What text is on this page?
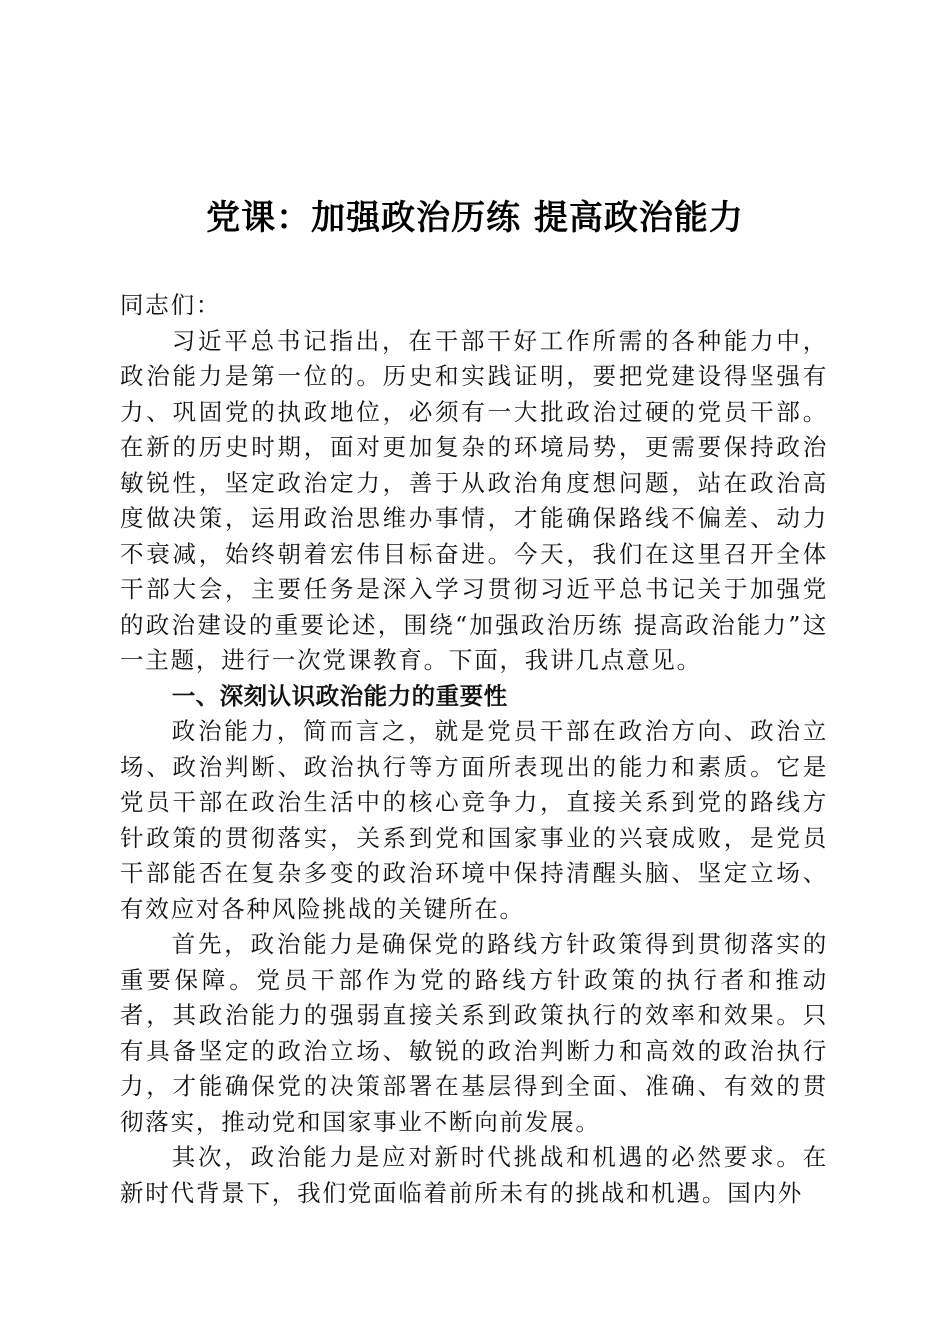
党课：加强政治历练 提高政治能力

同志们：

习近平总书记指出，在干部干好工作所需的各种能力中，政治能力是第一位的。历史和实践证明，要把党建设得坚强有力、巩固党的执政地位，必须有一大批政治过硬的党员干部。在新的历史时期，面对更加复杂的环境局势，更需要保持政治敏锐性，坚定政治定力，善于从政治角度想问题，站在政治高度做决策，运用政治思维办事情，才能确保路线不偏差、动力不衰减，始终朝着宏伟目标奋进。今天，我们在这里召开全体干部大会，主要任务是深入学习贯彻习近平总书记关于加强党的政治建设的重要论述，围绕“加强政治历练 提高政治能力”这一主题，进行一次党课教育。下面，我讲几点意见。

一、深刻认识政治能力的重要性

政治能力，简而言之，就是党员干部在政治方向、政治立场、政治判断、政治执行等方面所表现出的能力和素质。它是党员干部在政治生活中的核心竞争力，直接关系到党的路线方针政策的贯彻落实，关系到党和国家事业的兴衰成败，是党员干部能否在复杂多变的政治环境中保持清醒头脑、坚定立场、有效应对各种风险挑战的关键所在。

首先，政治能力是确保党的路线方针政策得到贯彻落实的重要保障。党员干部作为党的路线方针政策的执行者和推动者，其政治能力的强弱直接关系到政策执行的效率和效果。只有具备坚定的政治立场、敏锐的政治判断力和高效的政治执行力，才能确保党的决策部署在基层得到全面、准确、有效的贯彻落实，推动党和国家事业不断向前发展。

其次，政治能力是应对新时代挑战和机遇的必然要求。在新时代背景下，我们党面临着前所未有的挑战和机遇。国内外
